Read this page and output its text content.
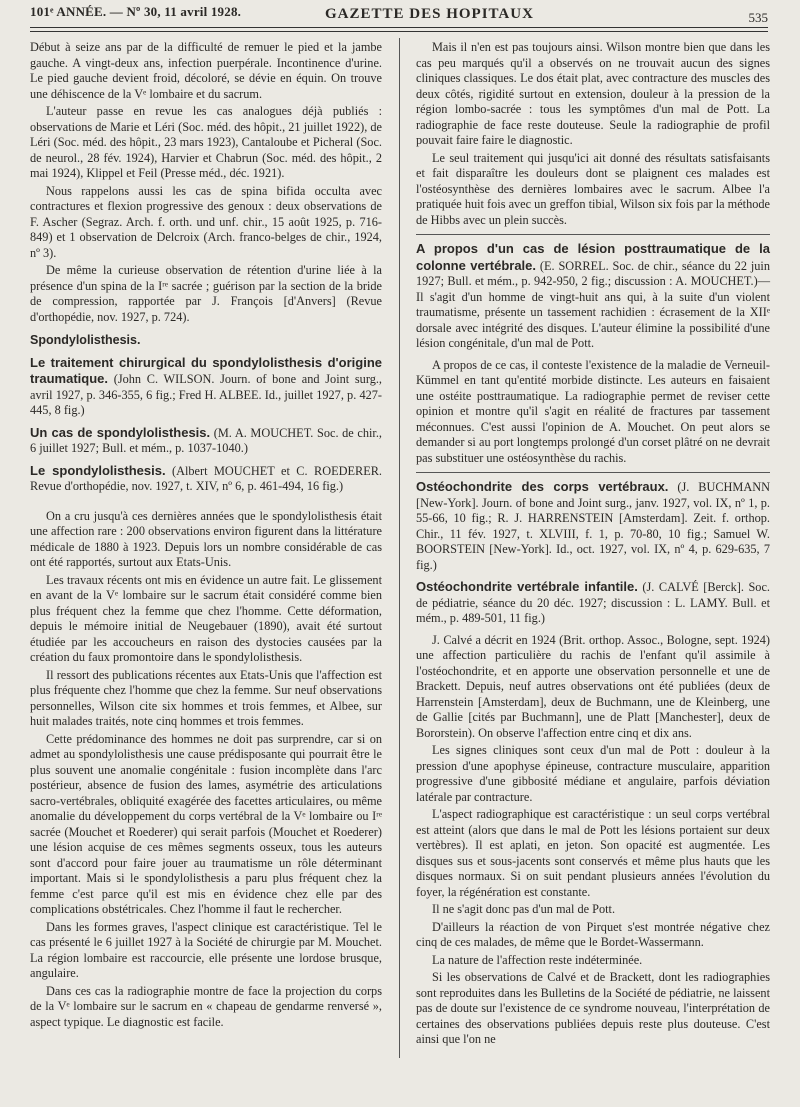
101ᵉ ANNÉE. — Nº 30, 11 avril 1928.	GAZETTE DES HOPITAUX	535

Début à seize ans par de la difficulté de remuer le pied et la jambe gauche. A vingt-deux ans, infection puerpérale. Incontinence d'urine. Le pied gauche devient froid, décoloré, se dévie en équin. On trouve une déhiscence de la Vᵉ lombaire et du sacrum.

L'auteur passe en revue les cas analogues déjà publiés : observations de Marie et Léri (Soc. méd. des hôpit., 21 juillet 1922), de Léri (Soc. méd. des hôpit., 23 mars 1923), Cantaloube et Picheral (Soc. de neurol., 28 fév. 1924), Harvier et Chabrun (Soc. méd. des hôpit., 2 mai 1924), Klippel et Feil (Presse méd., déc. 1921).

Nous rappelons aussi les cas de spina bifida occulta avec contractures et flexion progressive des genoux : deux observations de F. Ascher (Segraz. Arch. f. orth. und unf. chir., 15 août 1925, p. 716-849) et 1 observation de Delcroix (Arch. franco-belges de chir., 1924, nº 3).

De même la curieuse observation de rétention d'urine liée à la présence d'un spina de la Iʳᵉ sacrée ; guérison par la section de la bride de compression, rapportée par J. François [d'Anvers] (Revue d'orthopédie, nov. 1927, p. 724).

Spondylolisthesis.

Le traitement chirurgical du spondylolisthesis d'origine traumatique. (John C. WILSON. Journ. of bone and Joint surg., avril 1927, p. 346-355, 6 fig.; Fred H. ALBEE. Id., juillet 1927, p. 427-445, 8 fig.)

Un cas de spondylolisthesis. (M. A. MOUCHET. Soc. de chir., 6 juillet 1927; Bull. et mém., p. 1037-1040.)

Le spondylolisthesis. (Albert MOUCHET et C. ROEDERER. Revue d'orthopédie, nov. 1927, t. XIV, nº 6, p. 461-494, 16 fig.)

On a cru jusqu'à ces dernières années que le spondylolisthesis était une affection rare : 200 observations environ figurent dans la littérature médicale de 1880 à 1923. Depuis lors un nombre considérable de cas ont été rapportés, surtout aux Etats-Unis.

Les travaux récents ont mis en évidence un autre fait. Le glissement en avant de la Vᵉ lombaire sur le sacrum était considéré comme bien plus fréquent chez la femme que chez l'homme. Cette déformation, depuis le mémoire initial de Neugebauer (1890), avait été surtout étudiée par les accoucheurs en raison des dystocies causées par la création du faux promontoire dans le spondylolisthesis.

Il ressort des publications récentes aux Etats-Unis que l'affection est plus fréquente chez l'homme que chez la femme. Sur neuf observations personnelles, Wilson cite six hommes et trois femmes, et Albee, sur huit malades traités, note cinq hommes et trois femmes.

Cette prédominance des hommes ne doit pas surprendre, car si on admet au spondylolisthesis une cause prédisposante qui pourrait être le plus souvent une anomalie congénitale : fusion incomplète dans l'arc postérieur, absence de fusion des lames, asymétrie des articulations sacro-vertébrales, obliquité exagérée des facettes articulaires, ou même anomalie du développement du corps vertébral de la Vᵉ lombaire ou Iʳᵉ sacrée (Mouchet et Roederer) qui serait parfois (Mouchet et Roederer) une lésion acquise de ces mêmes segments osseux, tous les auteurs sont d'accord pour faire jouer au traumatisme un rôle déterminant important. Mais si le spondylolisthesis a paru plus fréquent chez la femme c'est parce qu'il est mis en évidence chez elle par des complications obstétricales. Chez l'homme il faut le rechercher.

Dans les formes graves, l'aspect clinique est caractéristique. Tel le cas présenté le 6 juillet 1927 à la Société de chirurgie par M. Mouchet. La région lombaire est raccourcie, elle présente une lordose brusque, angulaire.

Dans ces cas la radiographie montre de face la projection du corps de la Vᵉ lombaire sur le sacrum en « chapeau de gendarme renversé », aspect typique. Le diagnostic est facile.

Mais il n'en est pas toujours ainsi. Wilson montre bien que dans les cas peu marqués qu'il a observés on ne trouvait aucun des signes cliniques classiques. Le dos était plat, avec contracture des muscles des deux côtés, rigidité surtout en extension, douleur à la pression de la région lombo-sacrée : tous les symptômes d'un mal de Pott. La radiographie de face reste douteuse. Seule la radiographie de profil pouvait faire faire le diagnostic.

Le seul traitement qui jusqu'ici ait donné des résultats satisfaisants et fait disparaître les douleurs dont se plaignent ces malades est l'ostéosynthèse des dernières lombaires avec le sacrum. Albee l'a pratiquée huit fois avec un greffon tibial, Wilson six fois par la méthode de Hibbs avec un plein succès.

A propos d'un cas de lésion posttraumatique de la colonne vertébrale. (E. SORREL. Soc. de chir., séance du 22 juin 1927; Bull. et mém., p. 942-950, 2 fig.; discussion : A. MOUCHET.)— Il s'agit d'un homme de vingt-huit ans qui, à la suite d'un violent traumatisme, présente un tassement rachidien : écrasement de la XIIᵉ dorsale avec intégrité des disques. L'auteur élimine la possibilité d'une lésion congénitale, d'un mal de Pott.

A propos de ce cas, il conteste l'existence de la maladie de Verneuil-Kümmel en tant qu'entité morbide distincte. Les auteurs en faisaient une ostéite posttraumatique. La radiographie permet de reviser cette opinion et montre qu'il s'agit en réalité de fractures par tassement méconnues. C'est aussi l'opinion de A. Mouchet. On peut alors se demander si au port longtemps prolongé d'un corset plâtré on ne devrait pas substituer une ostéosynthèse du rachis.

Ostéochondrite des corps vertébraux. (J. BUCHMANN [New-York]. Journ. of bone and Joint surg., janv. 1927, vol. IX, nº 1, p. 55-66, 10 fig.; R. J. HARRENSTEIN [Amsterdam]. Zeit. f. orthop. Chir., 11 fév. 1927, t. XLVIII, f. 1, p. 70-80, 10 fig.; Samuel W. BOORSTEIN [New-York]. Id., oct. 1927, vol. IX, nº 4, p. 629-635, 7 fig.)

Ostéochondrite vertébrale infantile. (J. CALVÉ [Berck]. Soc. de pédiatrie, séance du 20 déc. 1927; discussion : L. LAMY. Bull. et mém., p. 489-501, 11 fig.)

J. Calvé a décrit en 1924 (Brit. orthop. Assoc., Bologne, sept. 1924) une affection particulière du rachis de l'enfant qu'il assimile à l'ostéochondrite, et en apporte une observation personnelle et une de Brackett. Depuis, neuf autres observations ont été publiées (deux de Harrenstein [Amsterdam], deux de Buchmann, une de Kleinberg, une de Gallie [cités par Buchmann], une de Platt [Manchester], deux de Bororstein). On observe l'affection entre cinq et dix ans.

Les signes cliniques sont ceux d'un mal de Pott : douleur à la pression d'une apophyse épineuse, contracture musculaire, apparition progressive d'une gibbosité médiane et angulaire, parfois déviation latérale par contracture.

L'aspect radiographique est caractéristique : un seul corps vertébral est atteint (alors que dans le mal de Pott les lésions portaient sur deux vertèbres). Il est aplati, en jeton. Son opacité est augmentée. Les disques sus et sous-jacents sont conservés et même plus hauts que les disques normaux. Si on suit pendant plusieurs années l'évolution du foyer, la régénération est constante.

Il ne s'agit donc pas d'un mal de Pott.

D'ailleurs la réaction de von Pirquet s'est montrée négative chez cinq de ces malades, de même que le Bordet-Wassermann.

La nature de l'affection reste indéterminée.

Si les observations de Calvé et de Brackett, dont les radiographies sont reproduites dans les Bulletins de la Société de pédiatrie, ne laissent pas de doute sur l'existence de ce syndrome nouveau, l'interprétation de certaines des observations publiées depuis reste plus douteuse. C'est ainsi que l'on ne
